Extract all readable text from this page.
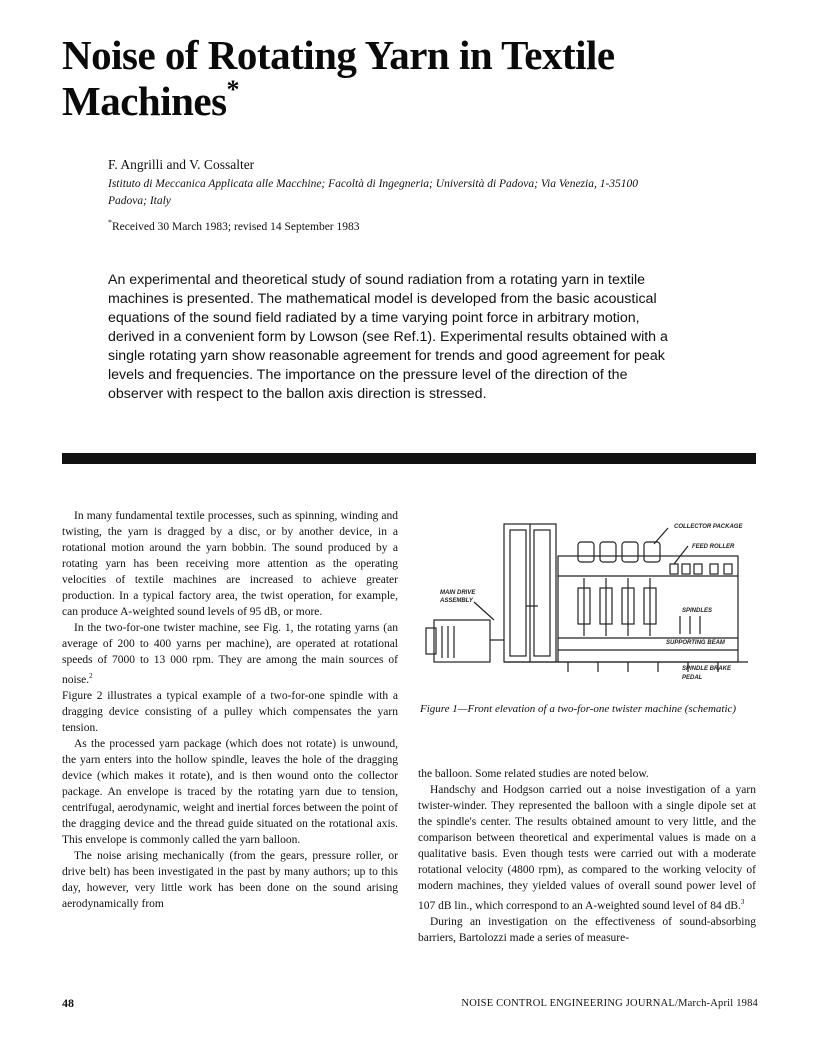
Noise of Rotating Yarn in Textile Machines*
F. Angrilli and V. Cossalter
Istituto di Meccanica Applicata alle Macchine; Facoltà di Ingegneria; Università di Padova; Via Venezia, 1-35100 Padova; Italy
*Received 30 March 1983; revised 14 September 1983

An experimental and theoretical study of sound radiation from a rotating yarn in textile machines is presented. The mathematical model is developed from the basic acoustical equations of the sound field radiated by a time varying point force in arbitrary motion, derived in a convenient form by Lowson (see Ref.1). Experimental results obtained with a single rotating yarn show reasonable agreement for trends and good agreement for peak levels and frequencies. The importance on the pressure level of the direction of the observer with respect to the ballon axis direction is stressed.

In many fundamental textile processes, such as spinning, winding and twisting, the yarn is dragged by a disc, or by another device, in a rotational motion around the yarn bobbin. The sound produced by a rotating yarn has been receiving more attention as the operating velocities of textile machines are increased to achieve greater production. In a typical factory area, the twist operation, for example, can produce A-weighted sound levels of 95 dB, or more.

In the two-for-one twister machine, see Fig. 1, the rotating yarns (an average of 200 to 400 yarns per machine), are operated at rotational speeds of 7000 to 13 000 rpm. They are among the main sources of noise.$^2$

Figure 2 illustrates a typical example of a two-for-one spindle with a dragging device consisting of a pulley which compensates the yarn tension.

As the processed yarn package (which does not rotate) is unwound, the yarn enters into the hollow spindle, leaves the hole of the dragging device (which makes it rotate), and is then wound onto the collector package. An envelope is traced by the rotating yarn due to tension, centrifugal, aerodynamic, weight and inertial forces between the point of the dragging device and the thread guide situated on the rotational axis. This envelope is commonly called the yarn balloon.

The noise arising mechanically (from the gears, pressure roller, or drive belt) has been investigated in the past by many authors; up to this day, however, very little work has been done on the sound arising aerodynamically from

COLLECTOR PACKAGE
FEED ROLLER
MAIN DRIVE
ASSEMBLY
SPINDLES
SUPPORTING BEAM
SPINDLE BRAKE
PEDAL
Figure 1—Front elevation of a two-for-one twister machine (schematic)

the balloon. Some related studies are noted below.

Handschy and Hodgson carried out a noise investigation of a yarn twister-winder. They represented the balloon with a single dipole set at the spindle's center. The results obtained amount to very little, and the comparison between theoretical and experimental values is made on a qualitative basis. Even though tests were carried out with a moderate rotational velocity (4800 rpm), as compared to the working velocity of modern machines, they yielded values of overall sound power level of 107 dB lin., which correspond to an A-weighted sound level of 84 dB.$^3$

During an investigation on the effectiveness of sound-absorbing barriers, Bartolozzi made a series of measure-

48	NOISE CONTROL ENGINEERING JOURNAL/March-April 1984
